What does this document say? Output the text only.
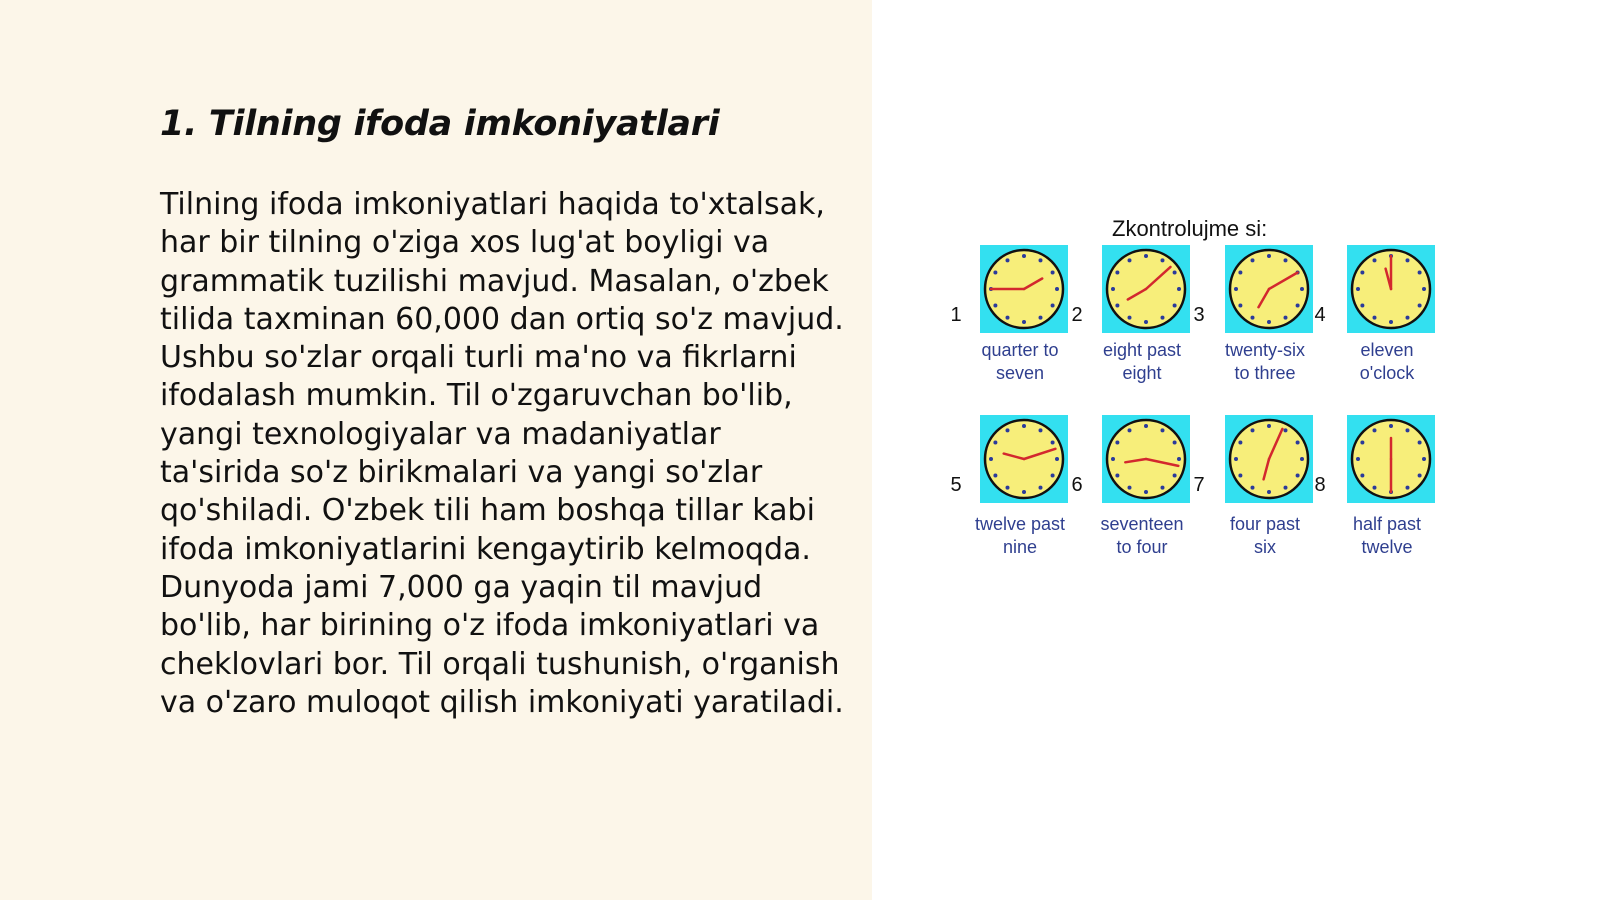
1. Tilning ifoda imkoniyatlari
Tilning ifoda imkoniyatlari haqida to'xtalsak,
har bir tilning o'ziga xos lug'at boyligi va
grammatik tuzilishi mavjud. Masalan, o'zbek
tilida taxminan 60,000 dan ortiq so'z mavjud.
Ushbu so'zlar orqali turli ma'no va fikrlarni
ifodalash mumkin. Til o'zgaruvchan bo'lib,
yangi texnologiyalar va madaniyatlar
ta'sirida so'z birikmalari va yangi so'zlar
qo'shiladi. O'zbek tili ham boshqa tillar kabi
ifoda imkoniyatlarini kengaytirib kelmoqda.
Dunyoda jami 7,000 ga yaqin til mavjud
bo'lib, har birining o'z ifoda imkoniyatlari va
cheklovlari bor. Til orqali tushunish, o'rganish
va o'zaro muloqot qilish imkoniyati yaratiladi.
Zkontrolujme si:
1
quarter to
seven
2
eight past
eight
3
twenty-six
to three
4
eleven
o'clock
5
twelve past
nine
6
seventeen
to four
7
four past
six
8
half past
twelve
